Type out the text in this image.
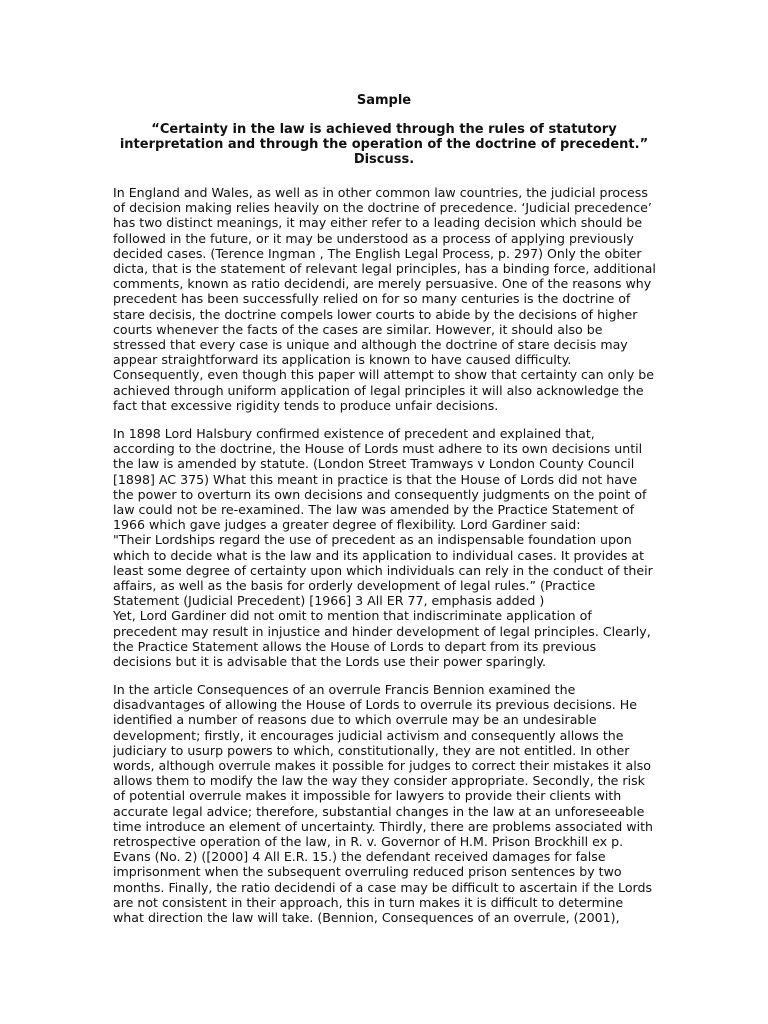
Sample
“Certainty in the law is achieved through the rules of statutory
interpretation and through the operation of the doctrine of precedent.”
Discuss.

In England and Wales, as well as in other common law countries, the judicial process
of decision making relies heavily on the doctrine of precedence. ‘Judicial precedence’
has two distinct meanings, it may either refer to a leading decision which should be
followed in the future, or it may be understood as a process of applying previously
decided cases. (Terence Ingman , The English Legal Process, p. 297) Only the obiter
dicta, that is the statement of relevant legal principles, has a binding force, additional
comments, known as ratio decidendi, are merely persuasive. One of the reasons why
precedent has been successfully relied on for so many centuries is the doctrine of
stare decisis, the doctrine compels lower courts to abide by the decisions of higher
courts whenever the facts of the cases are similar. However, it should also be
stressed that every case is unique and although the doctrine of stare decisis may
appear straightforward its application is known to have caused difficulty.
Consequently, even though this paper will attempt to show that certainty can only be
achieved through uniform application of legal principles it will also acknowledge the
fact that excessive rigidity tends to produce unfair decisions.

In 1898 Lord Halsbury confirmed existence of precedent and explained that,
according to the doctrine, the House of Lords must adhere to its own decisions until
the law is amended by statute. (London Street Tramways v London County Council
[1898] AC 375) What this meant in practice is that the House of Lords did not have
the power to overturn its own decisions and consequently judgments on the point of
law could not be re-examined. The law was amended by the Practice Statement of
1966 which gave judges a greater degree of flexibility. Lord Gardiner said:
"Their Lordships regard the use of precedent as an indispensable foundation upon
which to decide what is the law and its application to individual cases. It provides at
least some degree of certainty upon which individuals can rely in the conduct of their
affairs, as well as the basis for orderly development of legal rules.” (Practice
Statement (Judicial Precedent) [1966] 3 All ER 77, emphasis added )
Yet, Lord Gardiner did not omit to mention that indiscriminate application of
precedent may result in injustice and hinder development of legal principles. Clearly,
the Practice Statement allows the House of Lords to depart from its previous
decisions but it is advisable that the Lords use their power sparingly.

In the article Consequences of an overrule Francis Bennion examined the
disadvantages of allowing the House of Lords to overrule its previous decisions. He
identified a number of reasons due to which overrule may be an undesirable
development; firstly, it encourages judicial activism and consequently allows the
judiciary to usurp powers to which, constitutionally, they are not entitled. In other
words, although overrule makes it possible for judges to correct their mistakes it also
allows them to modify the law the way they consider appropriate. Secondly, the risk
of potential overrule makes it impossible for lawyers to provide their clients with
accurate legal advice; therefore, substantial changes in the law at an unforeseeable
time introduce an element of uncertainty. Thirdly, there are problems associated with
retrospective operation of the law, in R. v. Governor of H.M. Prison Brockhill ex p.
Evans (No. 2) ([2000] 4 All E.R. 15.) the defendant received damages for false
imprisonment when the subsequent overruling reduced prison sentences by two
months. Finally, the ratio decidendi of a case may be difficult to ascertain if the Lords
are not consistent in their approach, this in turn makes it is difficult to determine
what direction the law will take. (Bennion, Consequences of an overrule, (2001),
